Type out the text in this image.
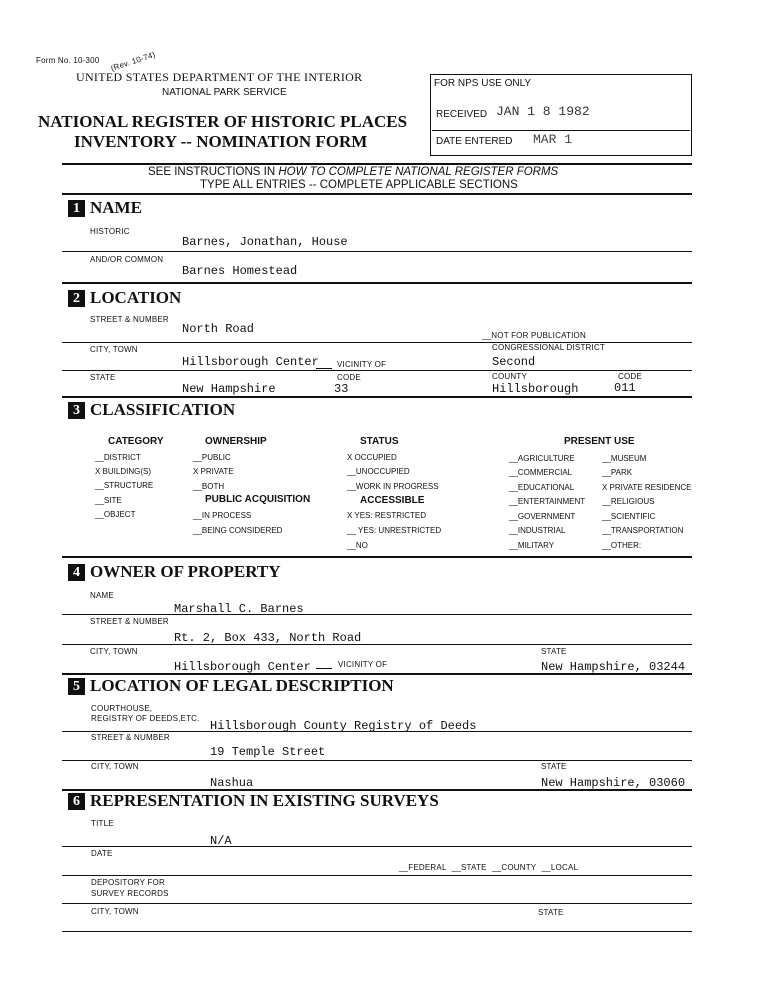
Form No. 10-300 (Rev. 10-74)
UNITED STATES DEPARTMENT OF THE INTERIOR
NATIONAL PARK SERVICE
NATIONAL REGISTER OF HISTORIC PLACES
INVENTORY -- NOMINATION FORM
FOR NPS USE ONLY
RECEIVED JAN 1 8 1982
DATE ENTERED MAR 1
SEE INSTRUCTIONS IN HOW TO COMPLETE NATIONAL REGISTER FORMS
TYPE ALL ENTRIES -- COMPLETE APPLICABLE SECTIONS
1 NAME
HISTORIC
Barnes, Jonathan, House
AND/OR COMMON
Barnes Homestead
2 LOCATION
STREET & NUMBER
North Road	__NOT FOR PUBLICATION
CITY, TOWN
Hillsborough Center VICINITY OF
CONGRESSIONAL DISTRICT
Second
STATE
New Hampshire
CODE
33
COUNTY
Hillsborough
CODE
011
3 CLASSIFICATION
CATEGORY
__DISTRICT
X BUILDING(S)
__STRUCTURE
__SITE
__OBJECT
OWNERSHIP
__PUBLIC
X PRIVATE
__BOTH
PUBLIC ACQUISITION
__IN PROCESS
__BEING CONSIDERED
STATUS
X OCCUPIED
__UNOCCUPIED
__WORK IN PROGRESS
ACCESSIBLE
X YES: RESTRICTED
__ YES: UNRESTRICTED
__NO
PRESENT USE
__AGRICULTURE
__COMMERCIAL
__EDUCATIONAL
__ENTERTAINMENT
__GOVERNMENT
__INDUSTRIAL
__MILITARY
__MUSEUM
__PARK
X PRIVATE RESIDENCE
__RELIGIOUS
__SCIENTIFIC
__TRANSPORTATION
__OTHER:
4 OWNER OF PROPERTY
NAME
Marshall C. Barnes
STREET & NUMBER
Rt. 2, Box 433, North Road
CITY, TOWN
Hillsborough Center	VICINITY OF
STATE
New Hampshire, 03244
5 LOCATION OF LEGAL DESCRIPTION
COURTHOUSE,
REGISTRY OF DEEDS,ETC.
Hillsborough County Registry of Deeds
STREET & NUMBER
19 Temple Street
CITY, TOWN
Nashua
STATE
New Hampshire, 03060
6 REPRESENTATION IN EXISTING SURVEYS
TITLE
N/A
DATE
__FEDERAL __STATE __COUNTY __LOCAL
DEPOSITORY FOR
SURVEY RECORDS
CITY, TOWN	STATE
